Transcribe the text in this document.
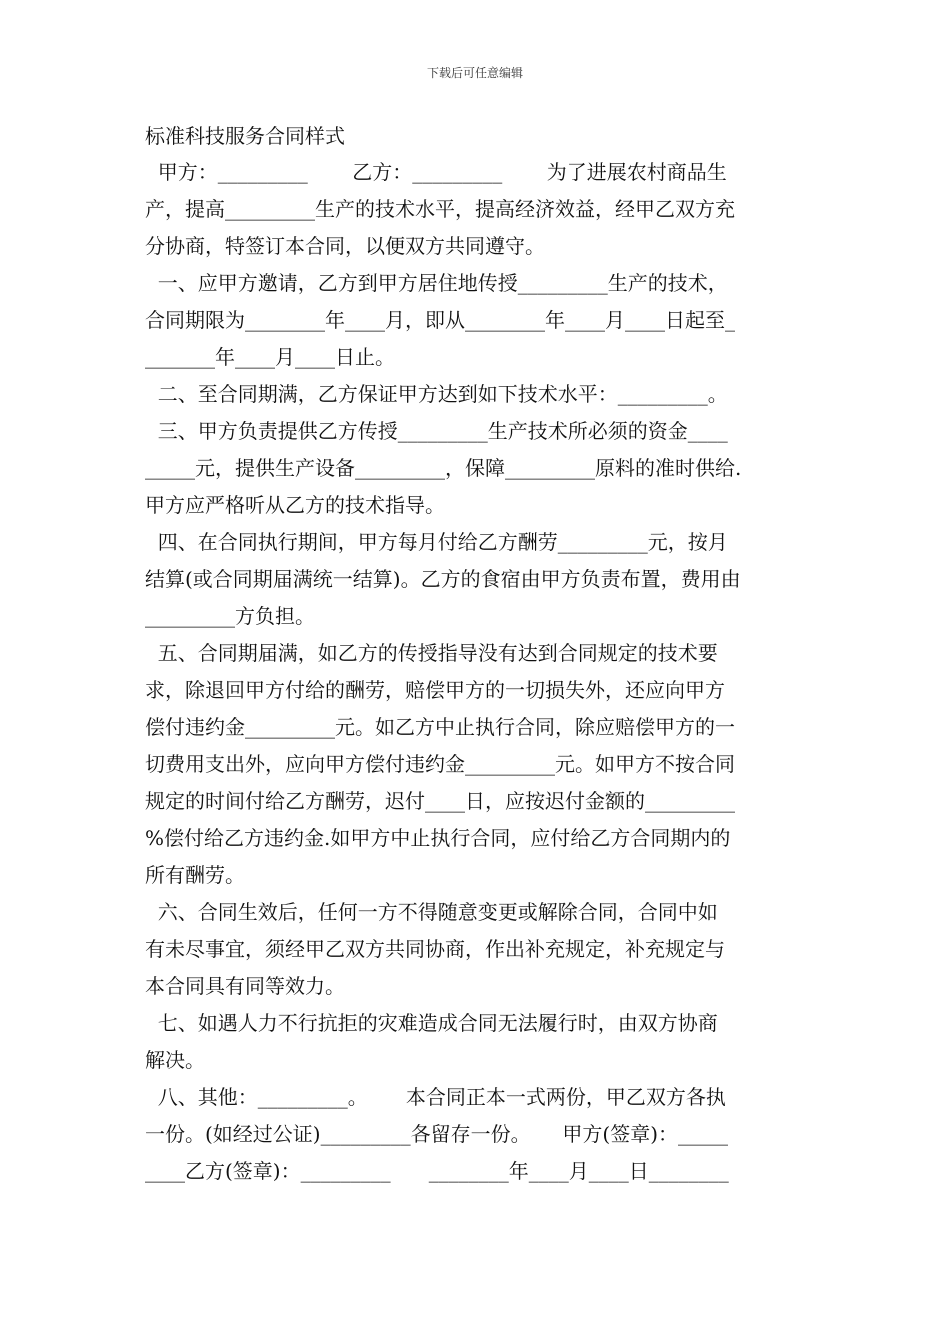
下载后可任意编辑
标准科技服务合同样式
甲方：_________       乙方：_________       为了进展农村商品生
产，提高_________生产的技术水平，提高经济效益，经甲乙双方充
分协商，特签订本合同，以便双方共同遵守。
一、应甲方邀请，乙方到甲方居住地传授_________生产的技术，
合同期限为________年____月，即从________年____月____日起至_
_______年____月____日止。
二、至合同期满，乙方保证甲方达到如下技术水平：_________。
三、甲方负责提供乙方传授_________生产技术所必须的资金____
_____元，提供生产设备_________，保障_________原料的准时供给.
甲方应严格听从乙方的技术指导。
四、在合同执行期间，甲方每月付给乙方酬劳_________元，按月
结算(或合同期届满统一结算)。乙方的食宿由甲方负责布置，费用由
_________方负担。
五、合同期届满，如乙方的传授指导没有达到合同规定的技术要
求，除退回甲方付给的酬劳，赔偿甲方的一切损失外，还应向甲方
偿付违约金_________元。如乙方中止执行合同，除应赔偿甲方的一
切费用支出外，应向甲方偿付违约金_________元。如甲方不按合同
规定的时间付给乙方酬劳，迟付____日，应按迟付金额的_________
%偿付给乙方违约金.如甲方中止执行合同，应付给乙方合同期内的
所有酬劳。
六、合同生效后，任何一方不得随意变更或解除合同，合同中如
有未尽事宜，须经甲乙双方共同协商，作出补充规定，补充规定与
本合同具有同等效力。
七、如遇人力不行抗拒的灾难造成合同无法履行时，由双方协商
解决。
八、其他：_________。      本合同正本一式两份，甲乙双方各执
一份。(如经过公证)_________各留存一份。     甲方(签章)：_____
____乙方(签章)：_________      ________年____月____日________
